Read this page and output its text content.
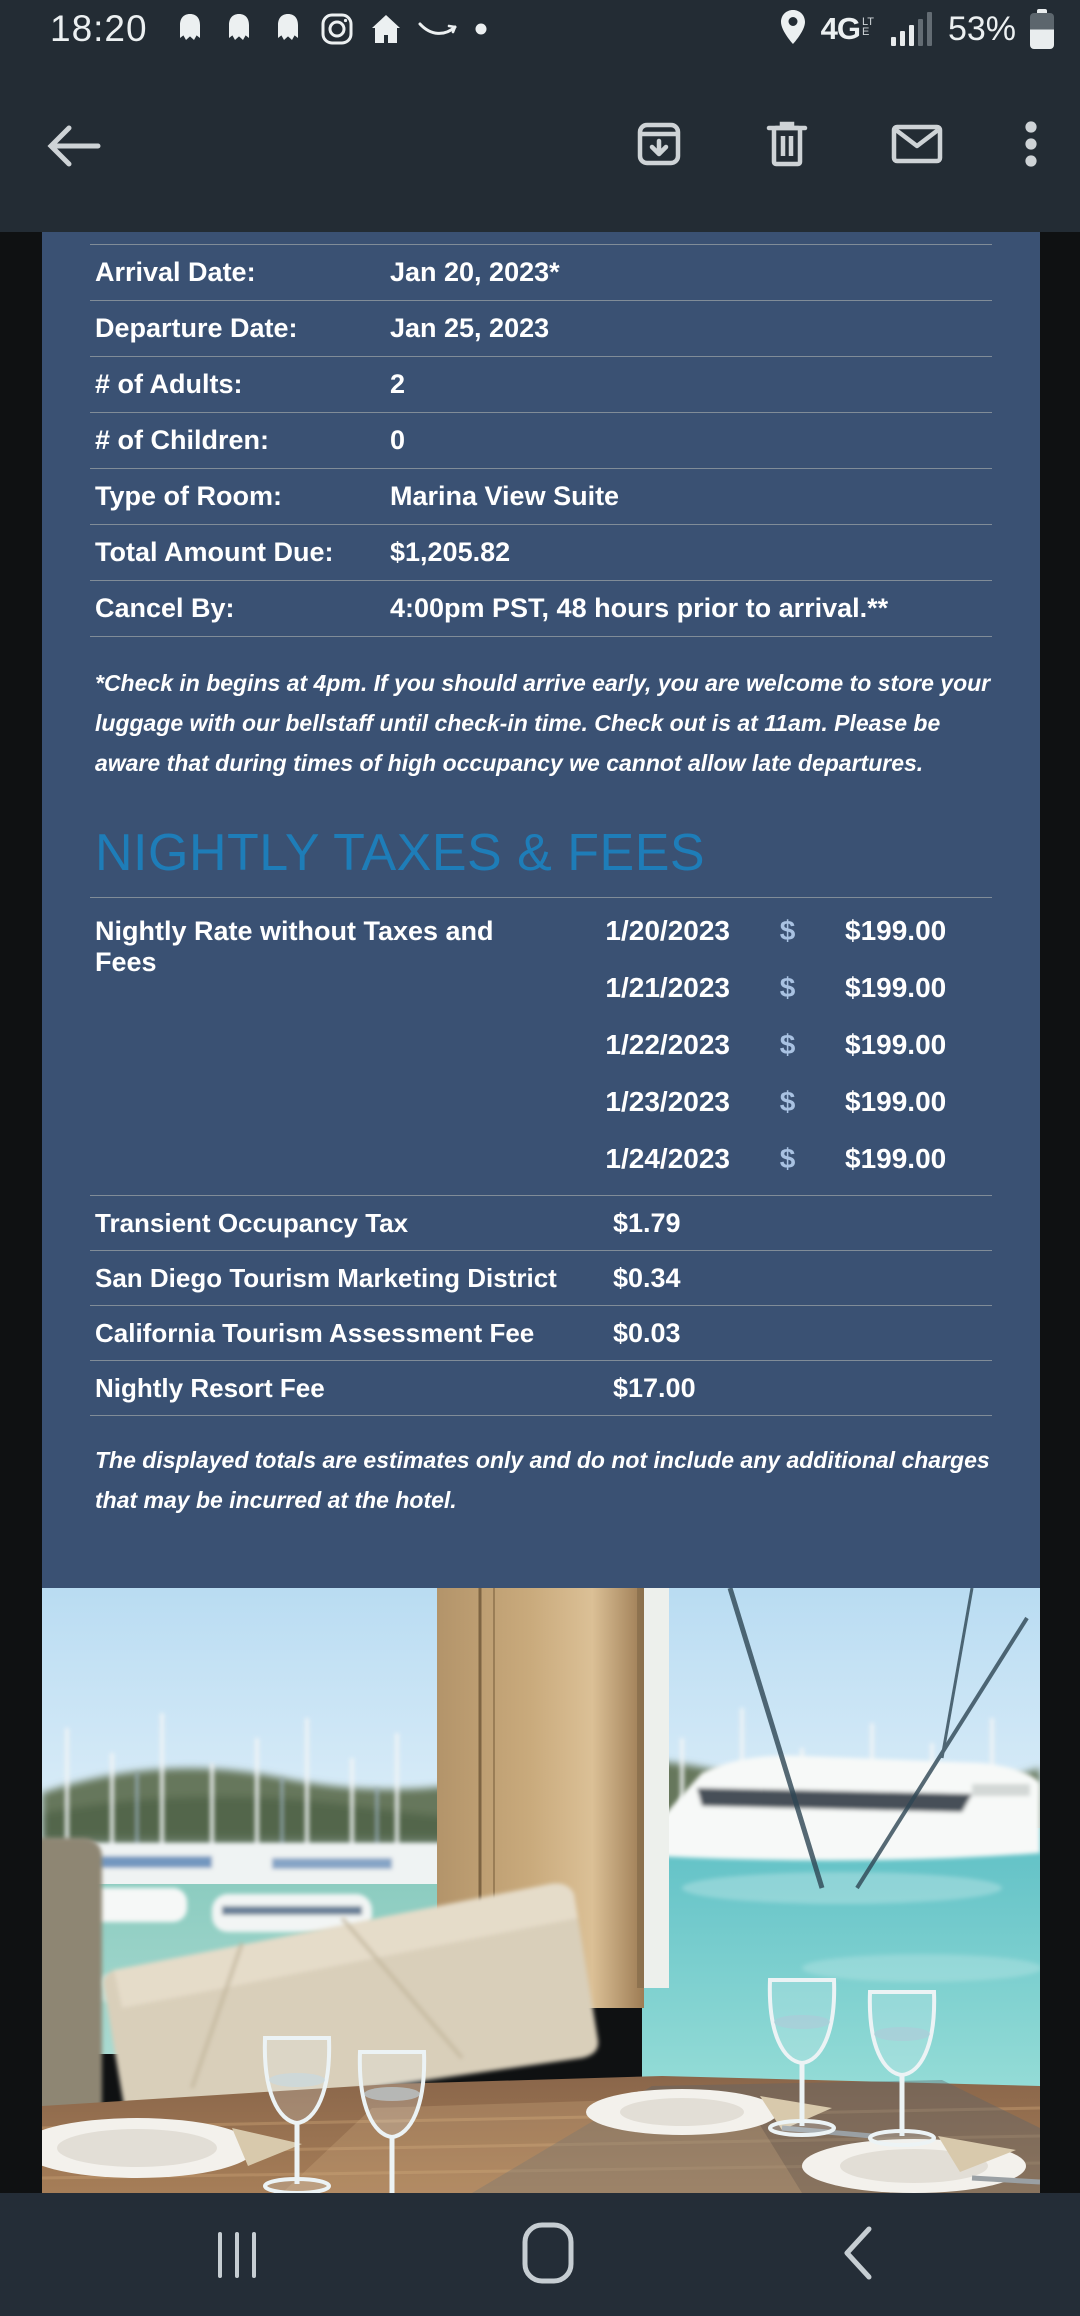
18:20	4G LTE 53%
Arrival Date:	Jan 20, 2023*
Departure Date:	Jan 25, 2023
# of Adults:	2
# of Children:	0
Type of Room:	Marina View Suite
Total Amount Due:	$1,205.82
Cancel By:	4:00pm PST, 48 hours prior to arrival.**

*Check in begins at 4pm. If you should arrive early, you are welcome to store your luggage with our bellstaff until check-in time. Check out is at 11am. Please be aware that during times of high occupancy we cannot allow late departures.

NIGHTLY TAXES & FEES
Nightly Rate without Taxes and Fees
1/20/2023	$	$199.00
1/21/2023	$	$199.00
1/22/2023	$	$199.00
1/23/2023	$	$199.00
1/24/2023	$	$199.00
Transient Occupancy Tax	$1.79
San Diego Tourism Marketing District	$0.34
California Tourism Assessment Fee	$0.03
Nightly Resort Fee	$17.00

The displayed totals are estimates only and do not include any additional charges that may be incurred at the hotel.
